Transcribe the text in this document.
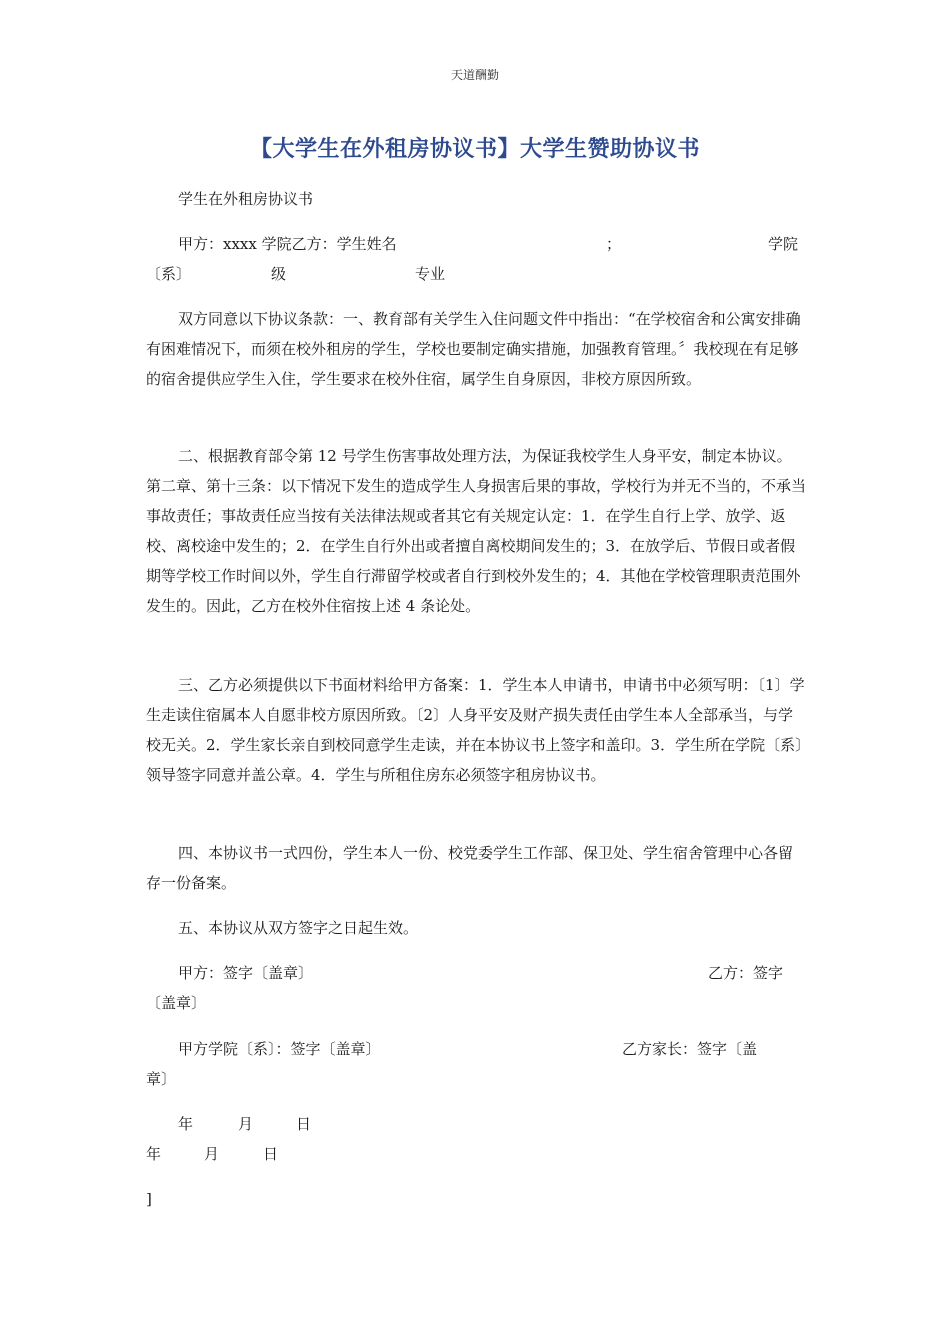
天道酬勤
【大学生在外租房协议书】大学生赞助协议书
学生在外租房协议书
甲方：xxxx 学院乙方：学生姓名	；	学院
〔系〕	级	专业
双方同意以下协议条款：一、教育部有关学生入住问题文件中指出：“在学校宿舍和公寓安排确有困难情况下，而须在校外租房的学生，学校也要制定确实措施，加强教育管理。〞我校现在有足够的宿舍提供应学生入住，学生要求在校外住宿，属学生自身原因，非校方原因所致。
二、根据教育部令第 12 号学生伤害事故处理方法，为保证我校学生人身平安，制定本协议。第二章、第十三条：以下情况下发生的造成学生人身损害后果的事故，学校行为并无不当的，不承当事故责任；事故责任应当按有关法律法规或者其它有关规定认定：1．在学生自行上学、放学、返校、离校途中发生的；2．在学生自行外出或者擅自离校期间发生的；3．在放学后、节假日或者假期等学校工作时间以外，学生自行滞留学校或者自行到校外发生的；4．其他在学校管理职责范围外发生的。因此，乙方在校外住宿按上述 4 条论处。
三、乙方必须提供以下书面材料给甲方备案：1．学生本人申请书，申请书中必须写明：〔1〕学生走读住宿属本人自愿非校方原因所致。〔2〕人身平安及财产损失责任由学生本人全部承当，与学校无关。2．学生家长亲自到校同意学生走读，并在本协议书上签字和盖印。3．学生所在学院〔系〕领导签字同意并盖公章。4．学生与所租住房东必须签字租房协议书。
四、本协议书一式四份，学生本人一份、校党委学生工作部、保卫处、学生宿舍管理中心各留存一份备案。
五、本协议从双方签字之日起生效。
甲方：签字〔盖章〕	乙方：签字
〔盖章〕
甲方学院〔系〕：签字〔盖章〕	乙方家长：签字〔盖
章〕
年	月	日
年	月	日
]
